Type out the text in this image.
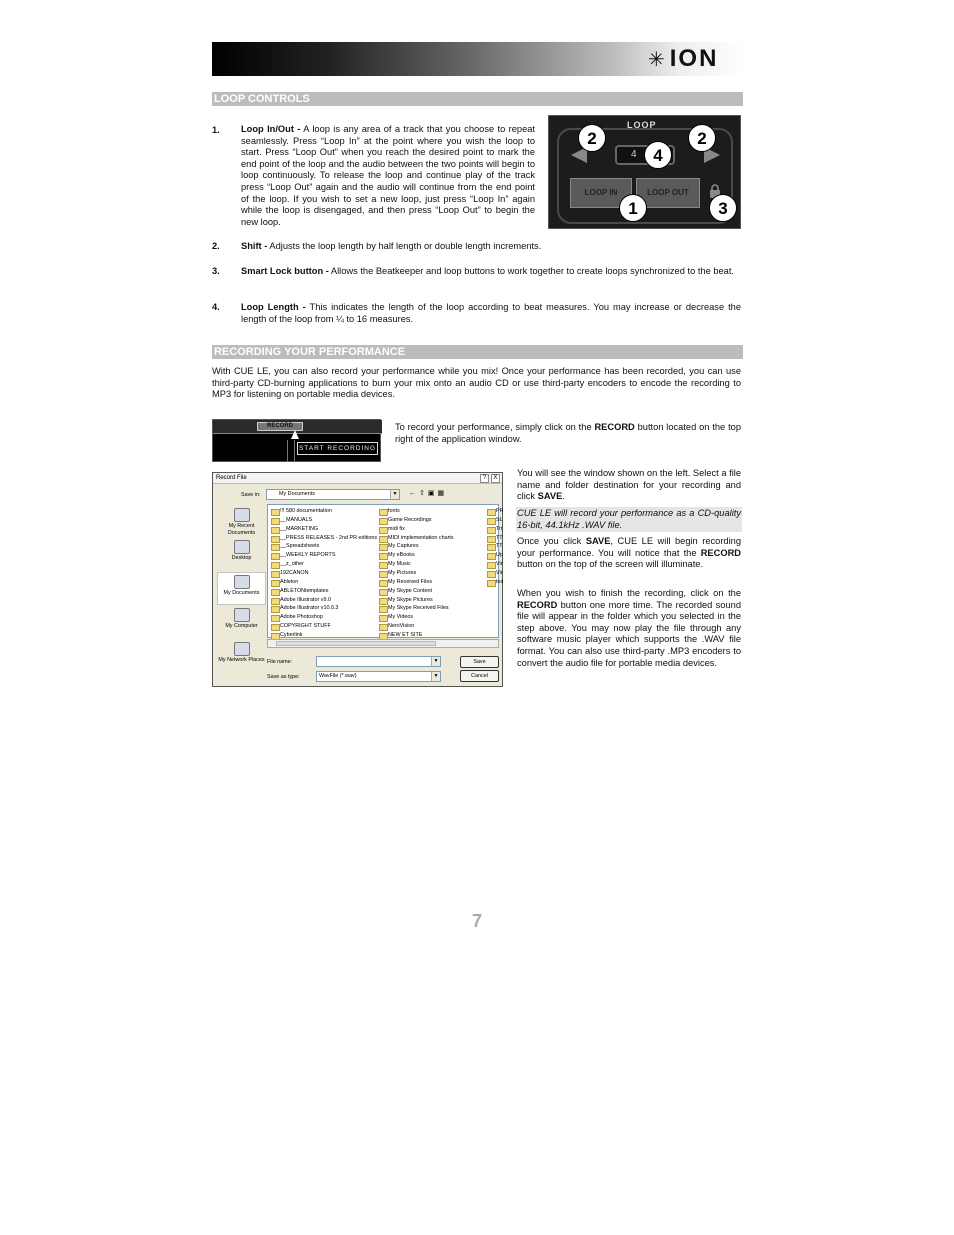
✳ ION
LOOP CONTROLS
1. Loop In/Out - A loop is any area of a track that you choose to repeat seamlessly. Press “Loop In” at the point where you wish the loop to start. Press “Loop Out” when you reach the desired point to mark the end point of the loop and the audio between the two points will begin to loop continuously. To release the loop and continue play of the track press “Loop Out” again and the audio will continue from the end point of the loop. If you wish to set a new loop, just press “Loop In” again while the loop is disengaged, and then press “Loop Out” to begin the new loop.

2. Shift - Adjusts the loop length by half length or double length increments.

3. Smart Lock button - Allows the Beatkeeper and loop buttons to work together to create loops synchronized to the beat.

4. Loop Length - This indicates the length of the loop according to beat measures. You may increase or decrease the length of the loop from ¼ to 16 measures.

LOOP
4
LOOP IN	LOOP OUT
2	2
4
1	3
RECORDING YOUR PERFORMANCE

With CUE LE, you can also record your performance while you mix! Once your performance has been recorded, you can use third-party CD-burning applications to burn your mix onto an audio CD or use third-party encoders to encode the recording to MP3 for listening on portable media devices.

RECORD
START RECORDING

To record your performance, simply click on the RECORD button located on the top right of the application window.

Record File	?	X
Save in:	My Documents	▼ ←⇧▣▦
My Recent Documents
Desktop
My Documents
My Computer
My Network Places
!!! 580 documentation
__MANUALS
__MARKETING
__PRESS RELEASES - 2nd PR editions
__Spreadsheets
__WEEKLY REPORTS
__z_other
192CANON
Ableton
ABLETONtemplates
Adobe Illustrator v9.0
Adobe Illustrator v10.0.3
Adobe Photoshop
COPYRIGHT STUFF
Cyberlink
fonts
Game Recordings
midi fix
MIDI implementation charts
My Captures
My eBooks
My Music
My Pictures
My Received Files
My Skype Content
My Skype Pictures
My Skype Received Files
My Videos
NeroVision
NEW ET SITE
PR
SL
Tri
TT
TT
Up
Vir
Vir
tes
File name:	▼
Save as type:	WavFile (*.wav)	▼
Save
Cancel

You will see the window shown on the left. Select a file name and folder destination for your recording and click SAVE.

CUE LE will record your performance as a CD-quality 16-bit, 44.1kHz .WAV file.

Once you click SAVE, CUE LE will begin recording your performance. You will notice that the RECORD button on the top of the screen will illuminate.

When you wish to finish the recording, click on the RECORD button one more time. The recorded sound file will appear in the folder which you selected in the step above. You may now play the file through any software music player which supports the .WAV file format. You can also use third-party .MP3 encoders to convert the audio file for portable media devices.

7
